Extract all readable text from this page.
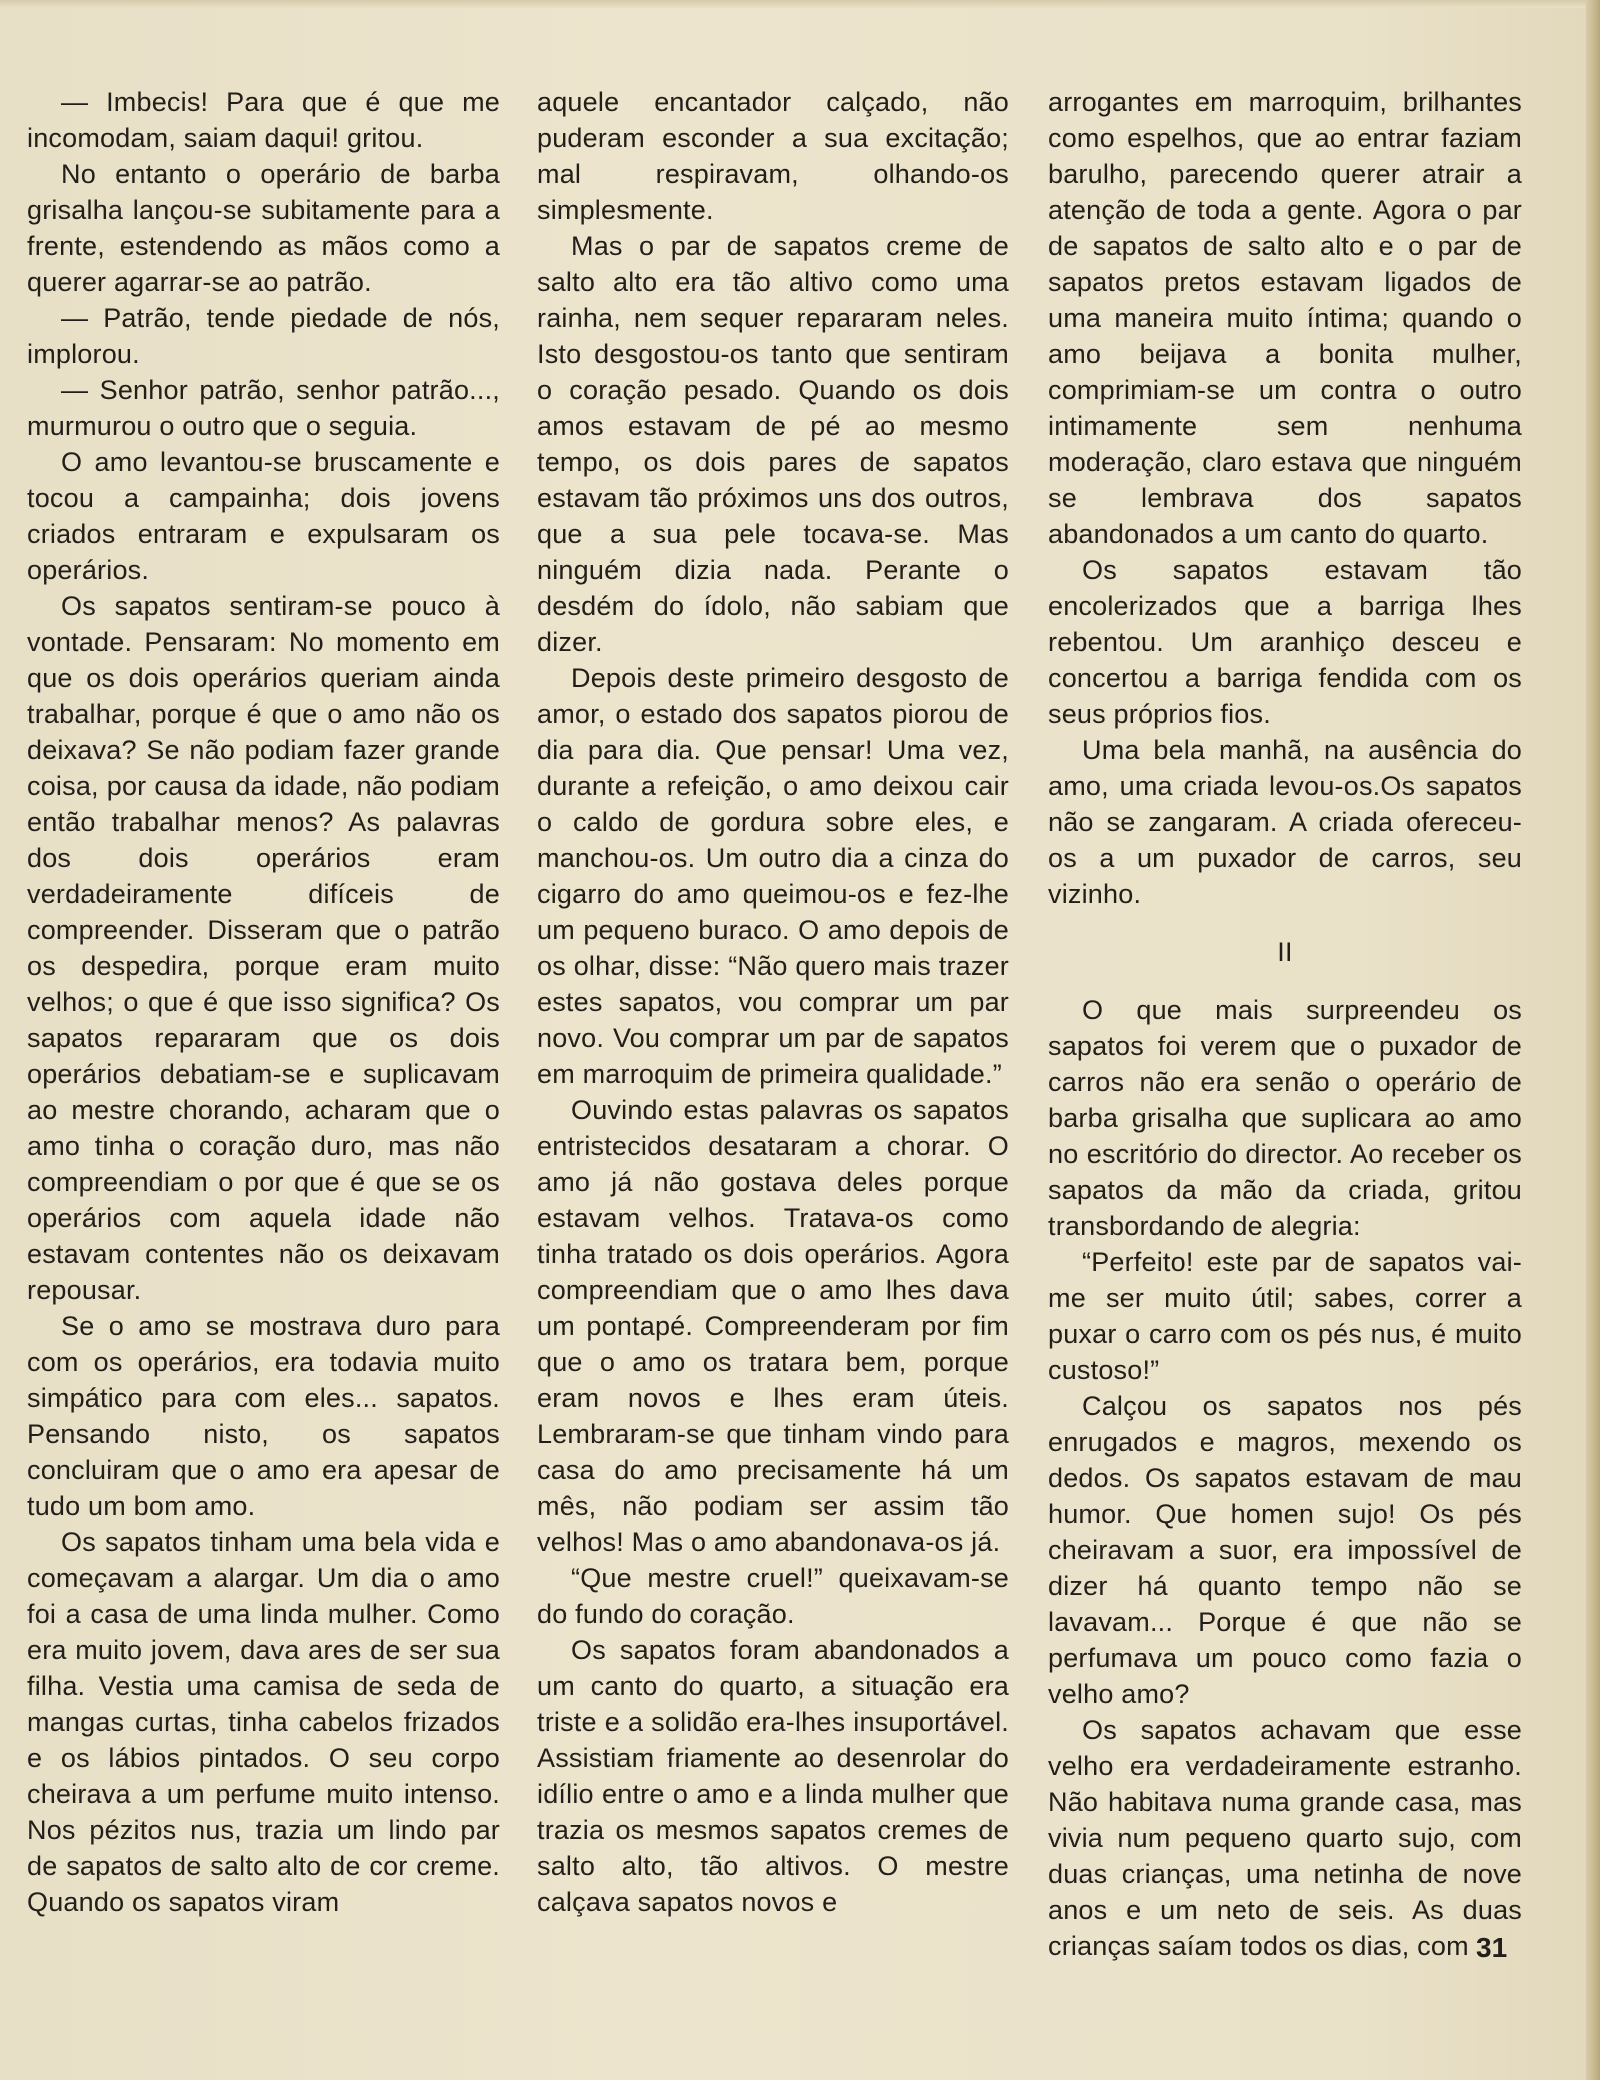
— Imbecis! Para que é que me incomodam, saiam daqui! gritou.

No entanto o operário de barba grisalha lançou-se subitamente para a frente, estendendo as mãos como a querer agarrar-se ao patrão.

— Patrão, tende piedade de nós, implorou.

— Senhor patrão, senhor patrão..., murmurou o outro que o seguia.

O amo levantou-se bruscamente e tocou a campainha; dois jovens criados entraram e expulsaram os operários.

Os sapatos sentiram-se pouco à vontade. Pensaram: No momento em que os dois operários queriam ainda trabalhar, porque é que o amo não os deixava? Se não podiam fazer grande coisa, por causa da idade, não podiam então trabalhar menos? As palavras dos dois operários eram verdadeiramente difíceis de compreender. Disseram que o patrão os despedira, porque eram muito velhos; o que é que isso significa? Os sapatos repararam que os dois operários debatiam-se e suplicavam ao mestre chorando, acharam que o amo tinha o coração duro, mas não compreendiam o por que é que se os operários com aquela idade não estavam contentes não os deixavam repousar.

Se o amo se mostrava duro para com os operários, era todavia muito simpático para com eles... sapatos. Pensando nisto, os sapatos concluiram que o amo era apesar de tudo um bom amo.

Os sapatos tinham uma bela vida e começavam a alargar. Um dia o amo foi a casa de uma linda mulher. Como era muito jovem, dava ares de ser sua filha. Vestia uma camisa de seda de mangas curtas, tinha cabelos frizados e os lábios pintados. O seu corpo cheirava a um perfume muito intenso. Nos pézitos nus, trazia um lindo par de sapatos de salto alto de cor creme. Quando os sapatos viram

aquele encantador calçado, não puderam esconder a sua excitação; mal respiravam, olhando-os simplesmente.

Mas o par de sapatos creme de salto alto era tão altivo como uma rainha, nem sequer repararam neles. Isto desgostou-os tanto que sentiram o coração pesado. Quando os dois amos estavam de pé ao mesmo tempo, os dois pares de sapatos estavam tão próximos uns dos outros, que a sua pele tocava-se. Mas ninguém dizia nada. Perante o desdém do ídolo, não sabiam que dizer.

Depois deste primeiro desgosto de amor, o estado dos sapatos piorou de dia para dia. Que pensar! Uma vez, durante a refeição, o amo deixou cair o caldo de gordura sobre eles, e manchou-os. Um outro dia a cinza do cigarro do amo queimou-os e fez-lhe um pequeno buraco. O amo depois de os olhar, disse: “Não quero mais trazer estes sapatos, vou comprar um par novo. Vou comprar um par de sapatos em marroquim de primeira qualidade.”

Ouvindo estas palavras os sapatos entristecidos desataram a chorar. O amo já não gostava deles porque estavam velhos. Tratava-os como tinha tratado os dois operários. Agora compreendiam que o amo lhes dava um pontapé. Compreenderam por fim que o amo os tratara bem, porque eram novos e lhes eram úteis. Lembraram-se que tinham vindo para casa do amo precisamente há um mês, não podiam ser assim tão velhos! Mas o amo abandonava-os já.

“Que mestre cruel!” queixavam-se do fundo do coração.

Os sapatos foram abandonados a um canto do quarto, a situação era triste e a solidão era-lhes insuportável. Assistiam friamente ao desenrolar do idílio entre o amo e a linda mulher que trazia os mesmos sapatos cremes de salto alto, tão altivos. O mestre calçava sapatos novos e

arrogantes em marroquim, brilhantes como espelhos, que ao entrar faziam barulho, parecendo querer atrair a atenção de toda a gente. Agora o par de sapatos de salto alto e o par de sapatos pretos estavam ligados de uma maneira muito íntima; quando o amo beijava a bonita mulher, comprimiam-se um contra o outro intimamente sem nenhuma moderação, claro estava que ninguém se lembrava dos sapatos abandonados a um canto do quarto.

Os sapatos estavam tão encolerizados que a barriga lhes rebentou. Um aranhiço desceu e concertou a barriga fendida com os seus próprios fios.

Uma bela manhã, na ausência do amo, uma criada levou-os.Os sapatos não se zangaram. A criada ofereceu-os a um puxador de carros, seu vizinho.

II

O que mais surpreendeu os sapatos foi verem que o puxador de carros não era senão o operário de barba grisalha que suplicara ao amo no escritório do director. Ao receber os sapatos da mão da criada, gritou transbordando de alegria:

“Perfeito! este par de sapatos vai-me ser muito útil; sabes, correr a puxar o carro com os pés nus, é muito custoso!”

Calçou os sapatos nos pés enrugados e magros, mexendo os dedos. Os sapatos estavam de mau humor. Que homen sujo! Os pés cheiravam a suor, era impossível de dizer há quanto tempo não se lavavam... Porque é que não se perfumava um pouco como fazia o velho amo?

Os sapatos achavam que esse velho era verdadeiramente estranho. Não habitava numa grande casa, mas vivia num pequeno quarto sujo, com duas crianças, uma netinha de nove anos e um neto de seis. As duas crianças saíam todos os dias, com 31
